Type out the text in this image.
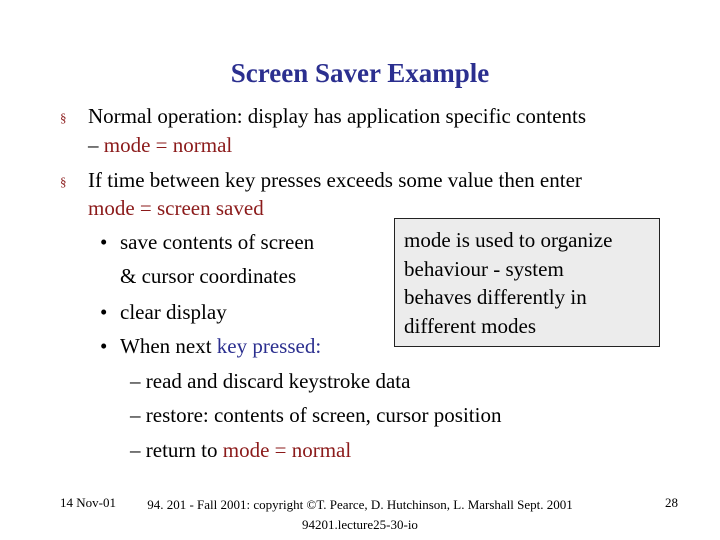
Screen Saver Example
§ Normal operation: display has application specific contents
– mode = normal
§ If time between key presses exceeds some value then enter
mode = screen saved
• save contents of screen
& cursor coordinates
• clear display
• When next key pressed:
– read and discard keystroke data
– restore: contents of screen, cursor position
– return to mode = normal
mode is used to organize
behaviour - system
behaves differently in
different modes
14 Nov-01	94. 201 - Fall 2001: copyright ©T. Pearce, D. Hutchinson, L. Marshall Sept. 2001
94201.lecture25-30-io
28
